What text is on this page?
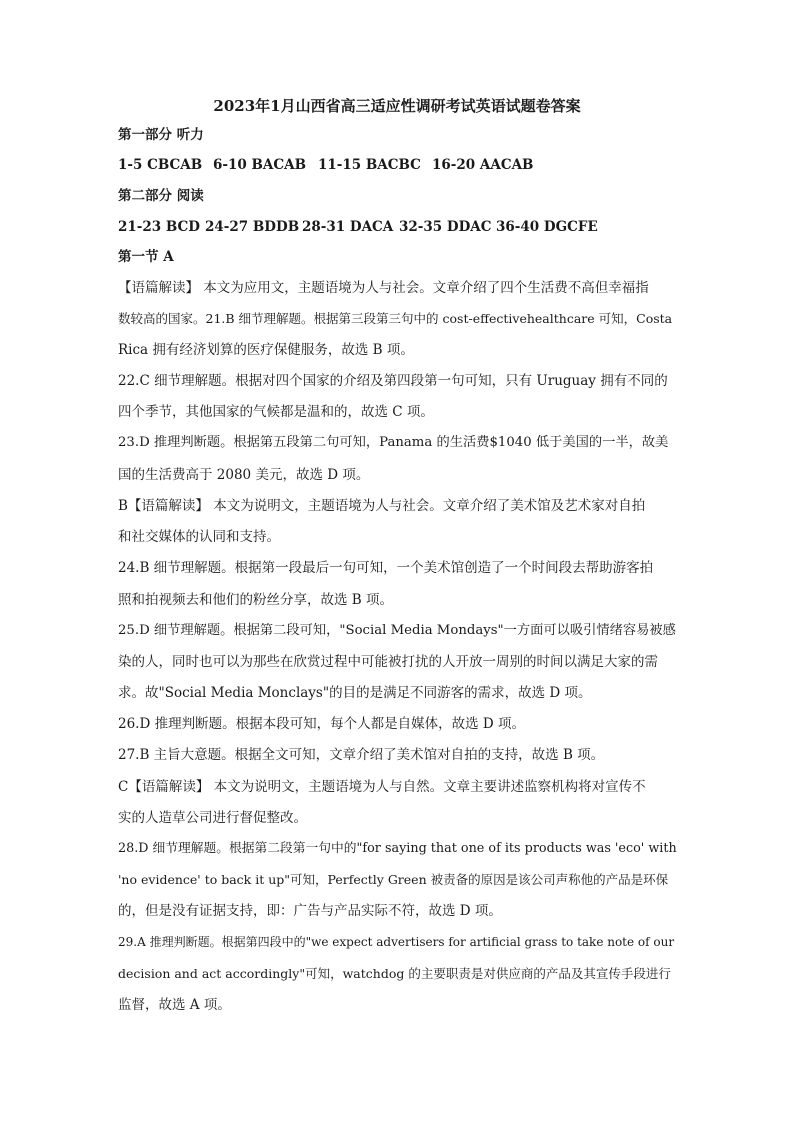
2023年1月山西省高三适应性调研考试英语试题卷答案
第一部分 听力
1-5 CBCAB 6-10 BACAB 11-15 BACBC 16-20 AACAB
第二部分 阅读
21-23 BCD 24-27 BDDB 28-31 DACA 32-35 DDAC 36-40 DGCFE
第一节 A
【语篇解读】 本文为应用文，主题语境为人与社会。文章介绍了四个生活费不高但幸福指
数较高的国家。21.B 细节理解题。根据第三段第三句中的 cost-effectivehealthcare 可知，Costa
Rica 拥有经济划算的医疗保健服务，故选 B 项。
22.C 细节理解题。根据对四个国家的介绍及第四段第一句可知，只有 Uruguay 拥有不同的
四个季节，其他国家的气候都是温和的，故选 C 项。
23.D 推理判断题。根据第五段第二句可知，Panama 的生活费$1040 低于美国的一半，故美
国的生活费高于 2080 美元，故选 D 项。
B【语篇解读】 本文为说明文，主题语境为人与社会。文章介绍了美术馆及艺术家对自拍
和社交媒体的认同和支持。
24.B 细节理解题。根据第一段最后一句可知，一个美术馆创造了一个时间段去帮助游客拍
照和拍视频去和他们的粉丝分享，故选 B 项。
25.D 细节理解题。根据第二段可知，"Social Media Mondays"一方面可以吸引情绪容易被感
染的人，同时也可以为那些在欣赏过程中可能被打扰的人开放一周别的时间以满足大家的需
求。故"Social Media Monclays"的目的是满足不同游客的需求，故选 D 项。
26.D 推理判断题。根据本段可知，每个人都是自媒体，故选 D 项。
27.B 主旨大意题。根据全文可知，文章介绍了美术馆对自拍的支持，故选 B 项。
C【语篇解读】 本文为说明文，主题语境为人与自然。文章主要讲述监察机构将对宣传不
实的人造草公司进行督促整改。
28.D 细节理解题。根据第二段第一句中的"for saying that one of its products was 'eco' with
'no evidence' to back it up"可知，Perfectly Green 被责备的原因是该公司声称他的产品是环保
的，但是没有证据支持，即：广告与产品实际不符，故选 D 项。
29.A 推理判断题。根据第四段中的"we expect advertisers for artificial grass to take note of our
decision and act accordingly"可知，watchdog 的主要职责是对供应商的产品及其宣传手段进行
监督，故选 A 项。
